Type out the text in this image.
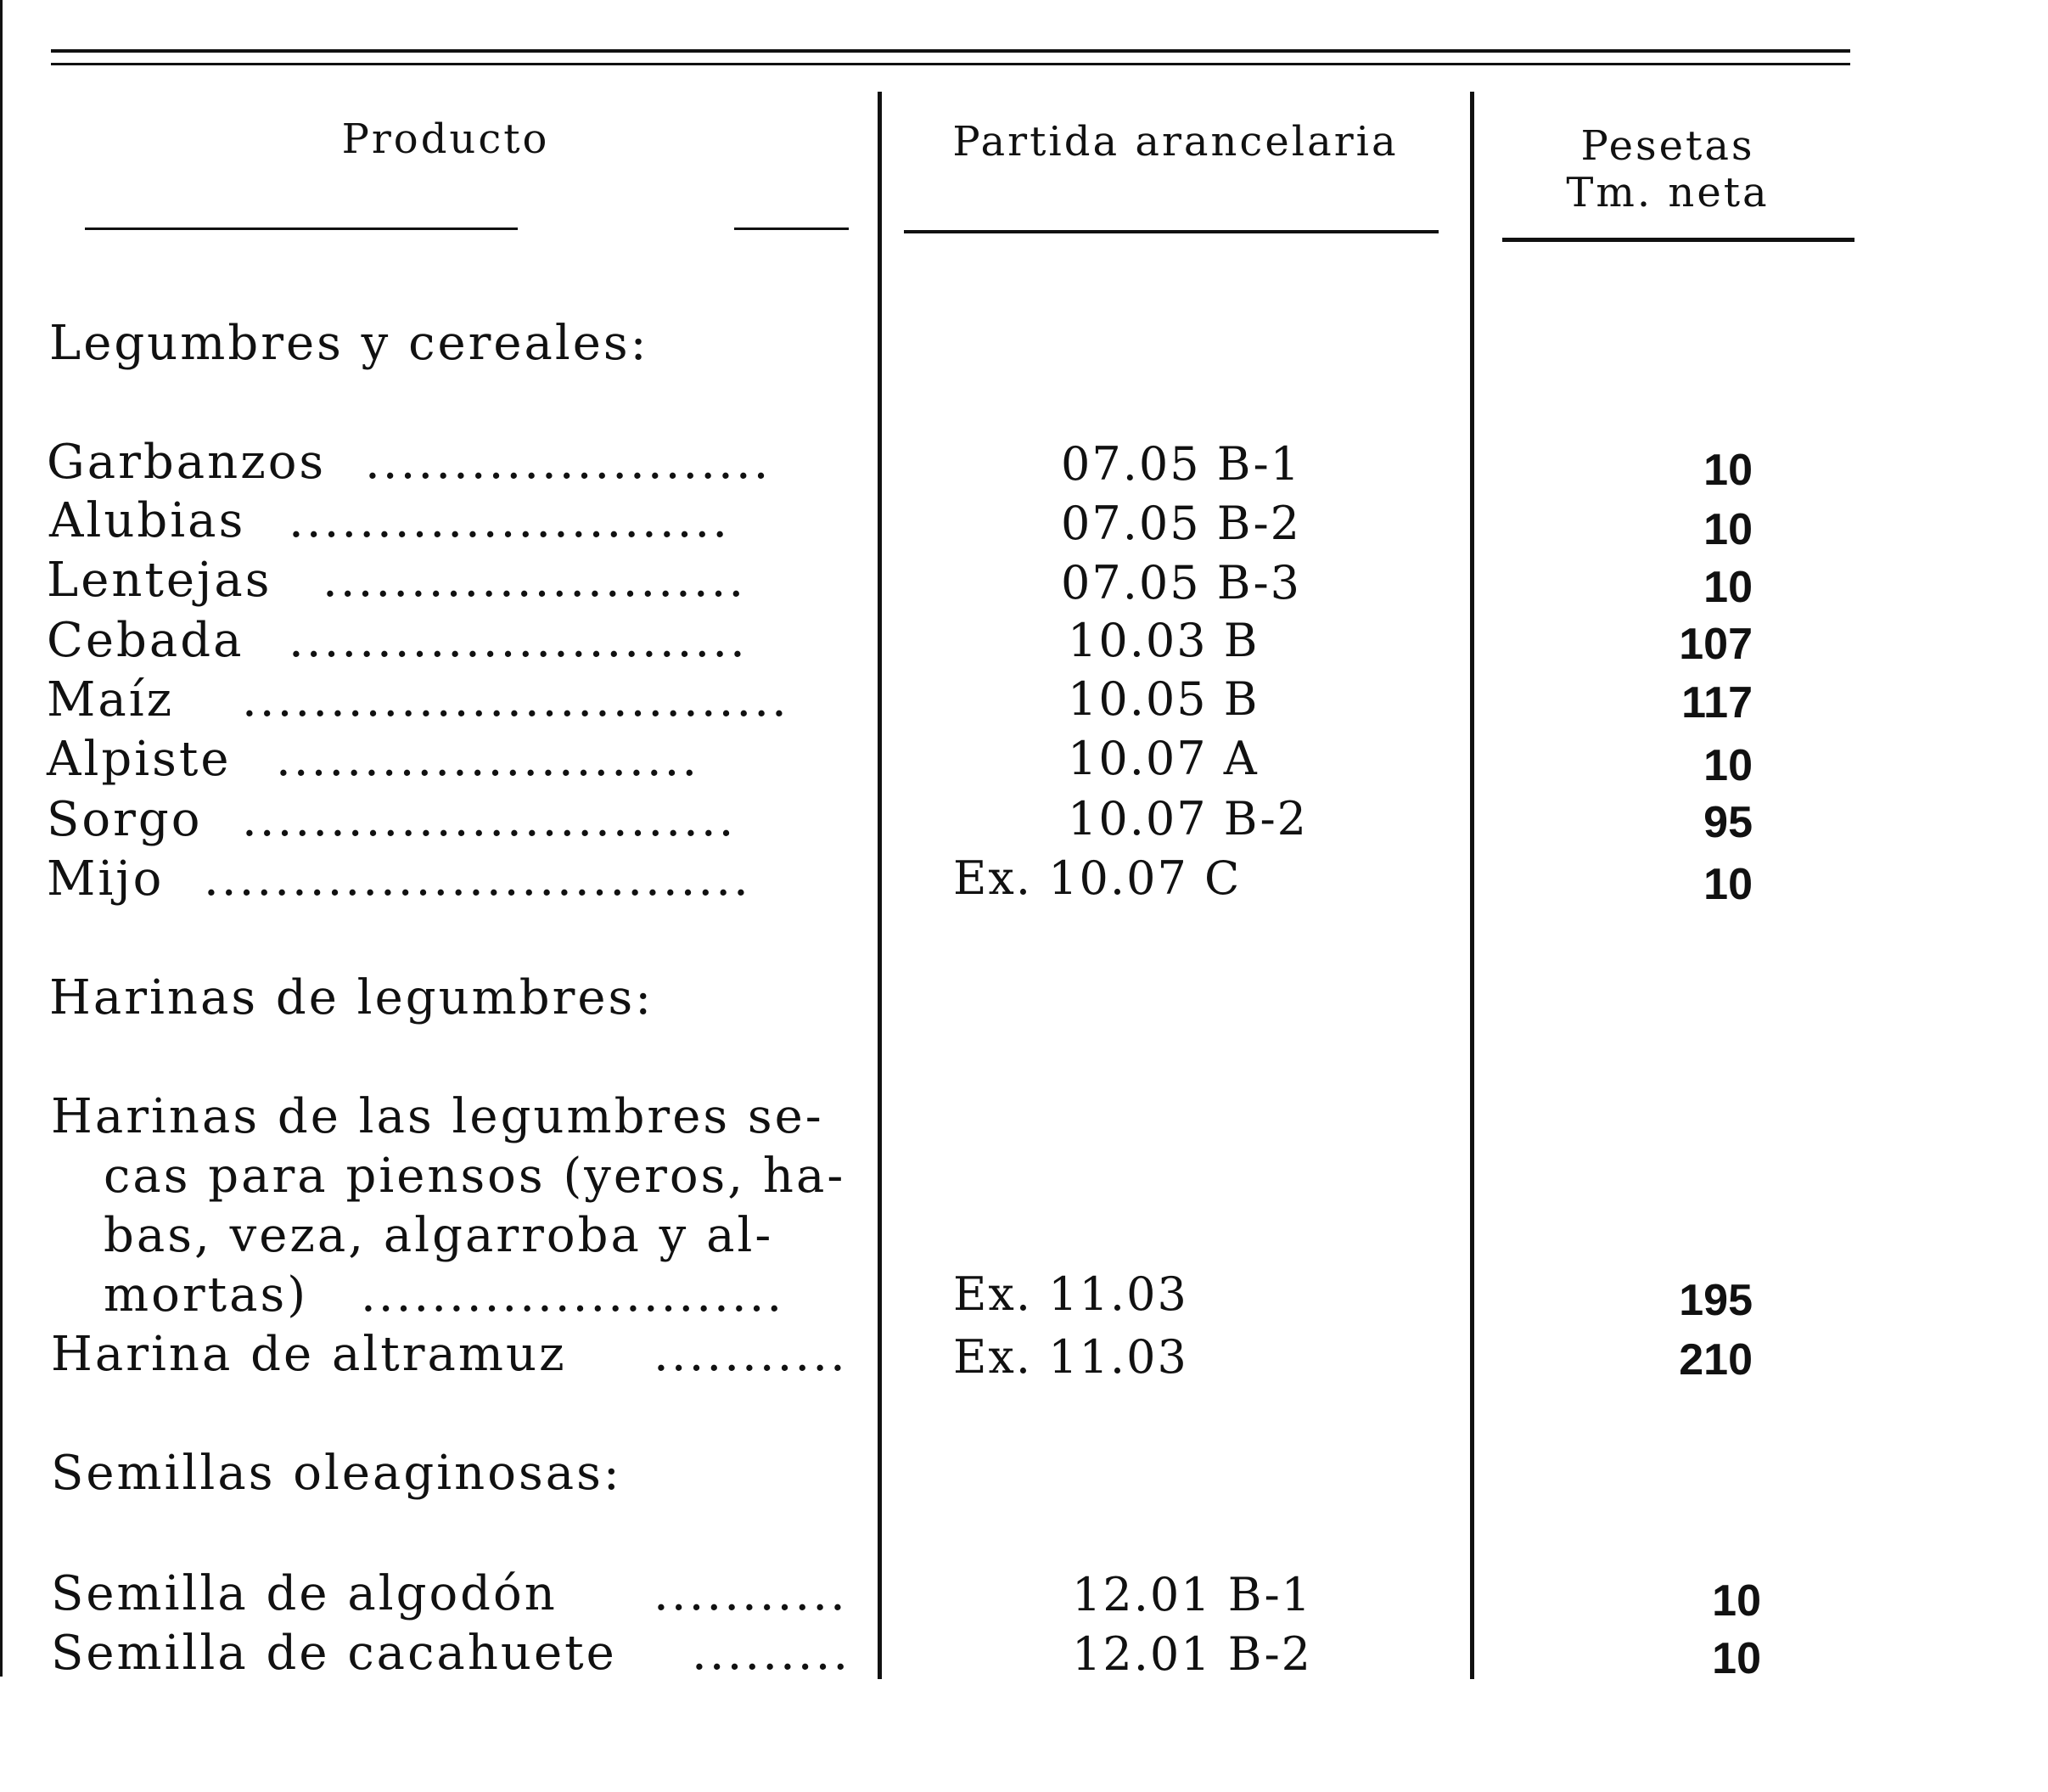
Producto	Partida arancelaria	Pesetas
Tm. neta
Legumbres y cereales:
Garbanzos .......................	07.05 B-1	10
Alubias .........................	07.05 B-2	10
Lentejas ........................	07.05 B-3	10
Cebada ..........................	10.03 B	107
Maíz ...............................	10.05 B	117
Alpiste ........................	10.07 A	10
Sorgo ............................	10.07 B-2	95
Mijo ...............................	Ex. 10.07 C	10
Harinas de legumbres:
Harinas de las legumbres se-
cas para piensos (yeros, ha-
bas, veza, algarroba y al-
mortas) ........................	Ex. 11.03	195
Harina de altramuz ........... Ex. 11.03	210
Semillas oleaginosas:
Semilla de algodón ...........	12.01 B-1	10
Semilla de cacahuete .........	12.01 B-2	10
